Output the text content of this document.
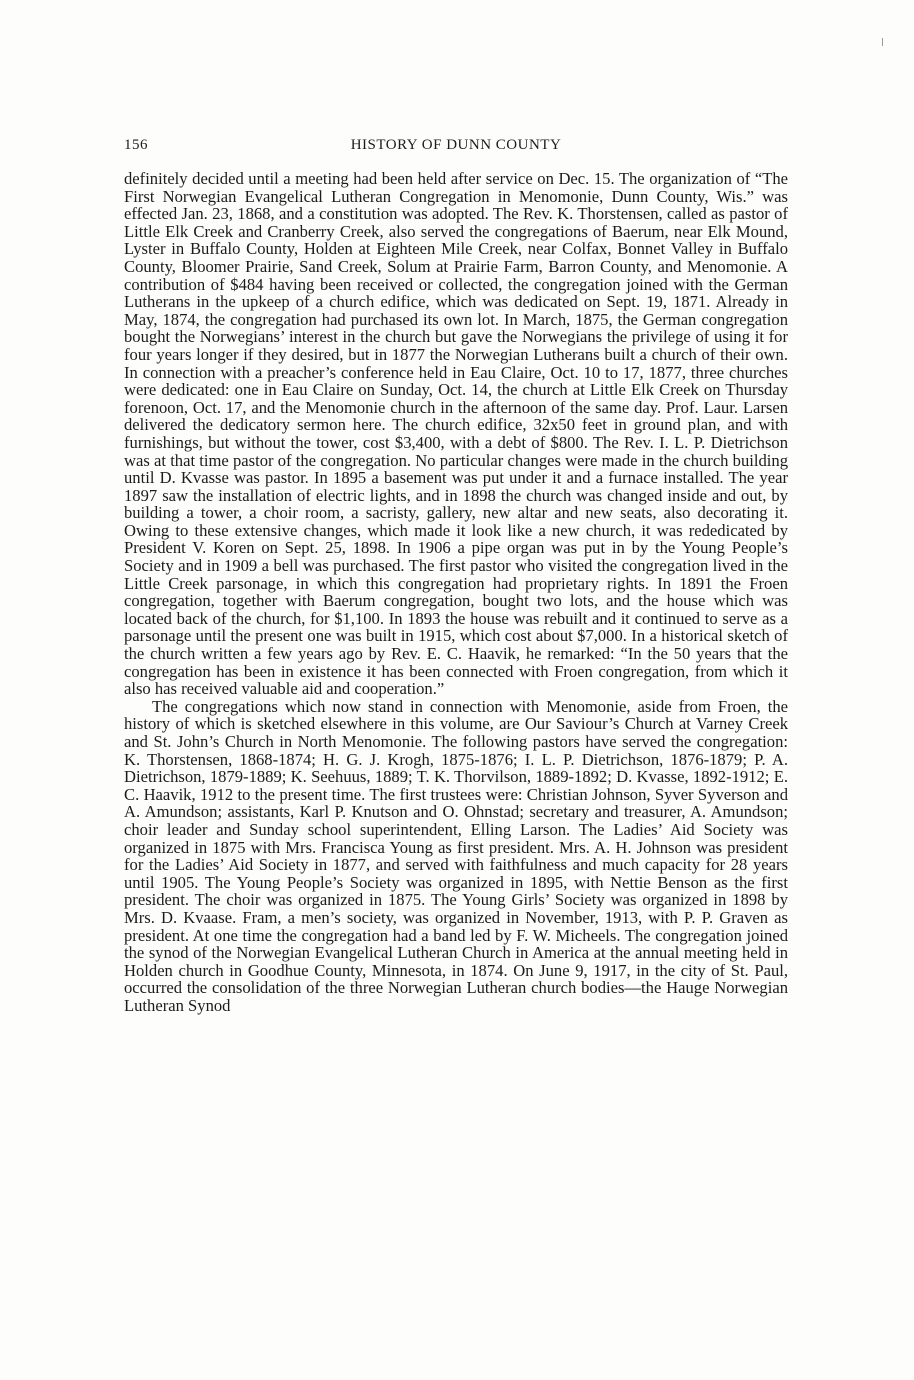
156	HISTORY OF DUNN COUNTY

definitely decided until a meeting had been held after service on Dec. 15. The organization of “The First Norwegian Evangelical Lutheran Congregation in Menomonie, Dunn County, Wis.” was effected Jan. 23, 1868, and a constitution was adopted. The Rev. K. Thorstensen, called as pastor of Little Elk Creek and Cranberry Creek, also served the congregations of Baerum, near Elk Mound, Lyster in Buffalo County, Holden at Eighteen Mile Creek, near Colfax, Bonnet Valley in Buffalo County, Bloomer Prairie, Sand Creek, Solum at Prairie Farm, Barron County, and Menomonie. A contribution of $484 having been received or collected, the congregation joined with the German Lutherans in the upkeep of a church edifice, which was dedicated on Sept. 19, 1871. Already in May, 1874, the congregation had purchased its own lot. In March, 1875, the German congregation bought the Norwegians’ interest in the church but gave the Norwegians the privilege of using it for four years longer if they desired, but in 1877 the Norwegian Lutherans built a church of their own. In connection with a preacher’s conference held in Eau Claire, Oct. 10 to 17, 1877, three churches were dedicated: one in Eau Claire on Sunday, Oct. 14, the church at Little Elk Creek on Thursday forenoon, Oct. 17, and the Menomonie church in the afternoon of the same day. Prof. Laur. Larsen delivered the dedicatory sermon here. The church edifice, 32x50 feet in ground plan, and with furnishings, but without the tower, cost $3,400, with a debt of $800. The Rev. I. L. P. Dietrichson was at that time pastor of the congregation. No particular changes were made in the church building until D. Kvasse was pastor. In 1895 a basement was put under it and a furnace installed. The year 1897 saw the installation of electric lights, and in 1898 the church was changed inside and out, by building a tower, a choir room, a sacristy, gallery, new altar and new seats, also decorating it. Owing to these extensive changes, which made it look like a new church, it was rededicated by President V. Koren on Sept. 25, 1898. In 1906 a pipe organ was put in by the Young People’s Society and in 1909 a bell was purchased. The first pastor who visited the congregation lived in the Little Creek parsonage, in which this congregation had proprietary rights. In 1891 the Froen congregation, together with Baerum congregation, bought two lots, and the house which was located back of the church, for $1,100. In 1893 the house was rebuilt and it continued to serve as a parsonage until the present one was built in 1915, which cost about $7,000. In a historical sketch of the church written a few years ago by Rev. E. C. Haavik, he remarked: “In the 50 years that the congregation has been in existence it has been connected with Froen congregation, from which it also has received valuable aid and cooperation.”

The congregations which now stand in connection with Menomonie, aside from Froen, the history of which is sketched elsewhere in this volume, are Our Saviour’s Church at Varney Creek and St. John’s Church in North Menomonie. The following pastors have served the congregation: K. Thorstensen, 1868-1874; H. G. J. Krogh, 1875-1876; I. L. P. Dietrichson, 1876-1879; P. A. Dietrichson, 1879-1889; K. Seehuus, 1889; T. K. Thorvilson, 1889-1892; D. Kvasse, 1892-1912; E. C. Haavik, 1912 to the present time. The first trustees were: Christian Johnson, Syver Syverson and A. Amundson; assistants, Karl P. Knutson and O. Ohnstad; secretary and treasurer, A. Amundson; choir leader and Sunday school superintendent, Elling Larson. The Ladies’ Aid Society was organized in 1875 with Mrs. Francisca Young as first president. Mrs. A. H. Johnson was president for the Ladies’ Aid Society in 1877, and served with faithfulness and much capacity for 28 years until 1905. The Young People’s Society was organized in 1895, with Nettie Benson as the first president. The choir was organized in 1875. The Young Girls’ Society was organized in 1898 by Mrs. D. Kvaase. Fram, a men’s society, was organized in November, 1913, with P. P. Graven as president. At one time the congregation had a band led by F. W. Micheels. The congregation joined the synod of the Norwegian Evangelical Lutheran Church in America at the annual meeting held in Holden church in Goodhue County, Minnesota, in 1874. On June 9, 1917, in the city of St. Paul, occurred the consolidation of the three Norwegian Lutheran church bodies—the Hauge Norwegian Lutheran Synod
